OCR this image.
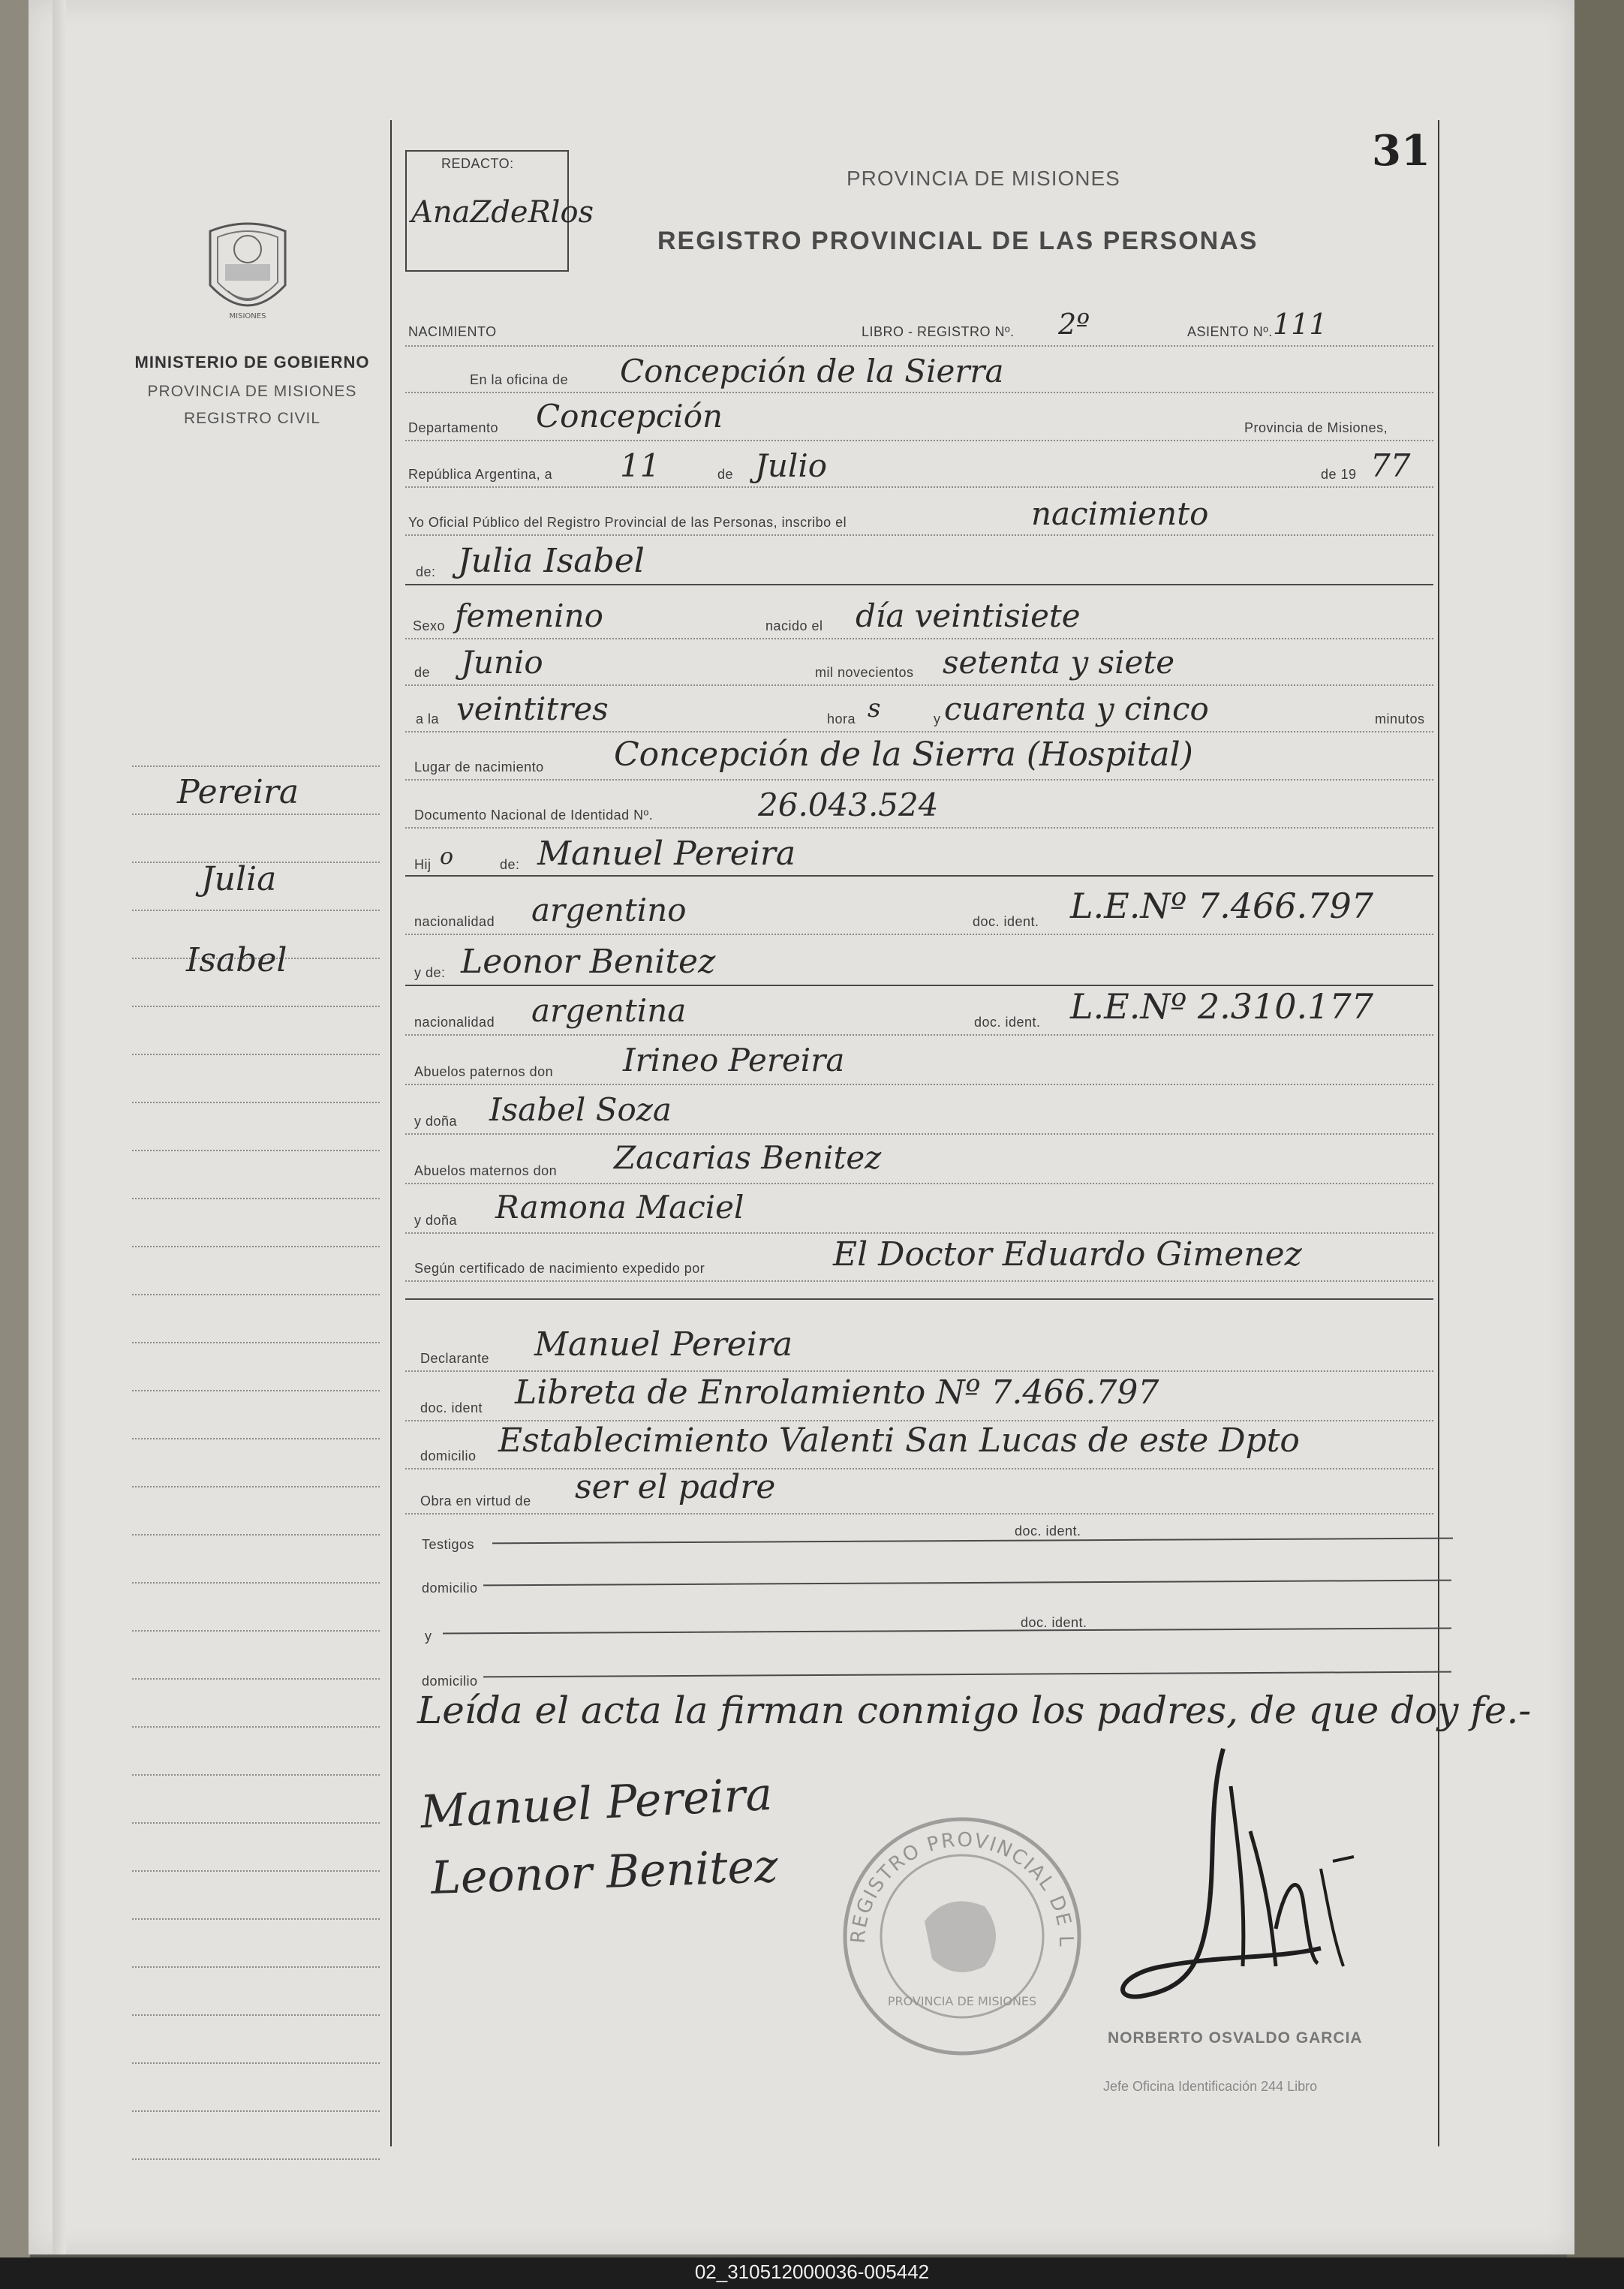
31
REDACTO:
AnaZdeRlos
PROVINCIA DE MISIONES
REGISTRO PROVINCIAL DE LAS PERSONAS
MISIONES
MINISTERIO DE GOBIERNO
PROVINCIA DE MISIONES
REGISTRO CIVIL
Pereira
Julia
Isabel
NACIMIENTO	LIBRO - REGISTRO Nº. 2º	ASIENTO Nº. 111
En la oficina de Concepción de la Sierra
Departamento Concepción	Provincia de Misiones,
República Argentina, a 11	de Julio	de 19 77
Yo Oficial Público del Registro Provincial de las Personas, inscribo el	nacimiento
de: Julia Isabel
Sexo femenino	nacido el día veintisiete
de Junio	mil novecientos setenta y siete
a la veintitres	hora s	y cuarenta y cinco	minutos
Lugar de nacimiento Concepción de la Sierra (Hospital)
Documento Nacional de Identidad Nº.	26.043.524
Hij o	de: Manuel Pereira
nacionalidad argentino	doc. ident. L.E.Nº 7.466.797
y de: Leonor Benitez
nacionalidad argentina	doc. ident. L.E.Nº 2.310.177
Abuelos paternos don Irineo Pereira
y doña Isabel Soza
Abuelos maternos don Zacarias Benitez
y doña Ramona Maciel
Según certificado de nacimiento expedido por	El Doctor Eduardo Gimenez
Declarante Manuel Pereira
doc. ident Libreta de Enrolamiento Nº 7.466.797
domicilio Establecimiento Valenti San Lucas de este Dpto
Obra en virtud de ser el padre
Testigos
doc. ident.
domicilio
y
doc. ident.
domicilio
Leída el acta la firman conmigo los padres, de que doy fe.-
Manuel Pereira
Leonor Benitez
REGISTRO PROVINCIAL DE L
PROVINCIA DE MISIONES
NORBERTO OSVALDO GARCIA
Jefe Oficina Identificación 244 Libro
02_310512000036-005442
